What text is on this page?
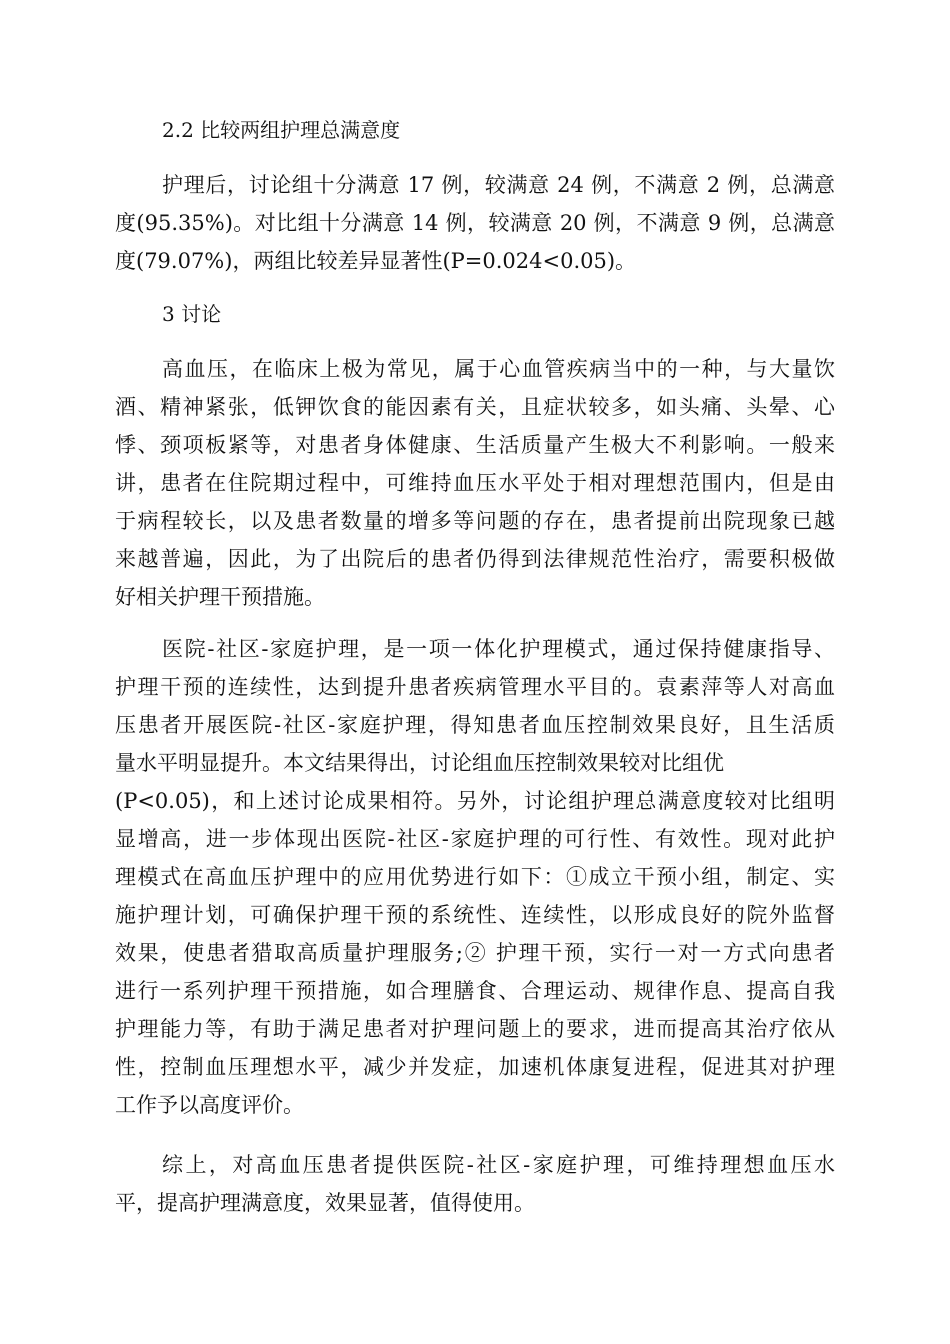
2.2 比较两组护理总满意度
护理后，讨论组十分满意 17 例，较满意 24 例，不满意 2 例，总满意
度(95.35%)。对比组十分满意 14 例，较满意 20 例，不满意 9 例，总满意
度(79.07%)，两组比较差异显著性(P=0.024<0.05)。
3 讨论
高血压，在临床上极为常见，属于心血管疾病当中的一种，与大量饮
酒、精神紧张，低钾饮食的能因素有关，且症状较多，如头痛、头晕、心
悸、颈项板紧等，对患者身体健康、生活质量产生极大不利影响。一般来
讲，患者在住院期过程中，可维持血压水平处于相对理想范围内，但是由
于病程较长，以及患者数量的增多等问题的存在，患者提前出院现象已越
来越普遍，因此，为了出院后的患者仍得到法律规范性治疗，需要积极做
好相关护理干预措施。
医院-社区-家庭护理，是一项一体化护理模式，通过保持健康指导、
护理干预的连续性，达到提升患者疾病管理水平目的。袁素萍等人对高血
压患者开展医院-社区-家庭护理，得知患者血压控制效果良好，且生活质
量水平明显提升。本文结果得出，讨论组血压控制效果较对比组优
(P<0.05)，和上述讨论成果相符。另外，讨论组护理总满意度较对比组明
显增高，进一步体现出医院-社区-家庭护理的可行性、有效性。现对此护
理模式在高血压护理中的应用优势进行如下：①成立干预小组，制定、实
施护理计划，可确保护理干预的系统性、连续性，以形成良好的院外监督
效果，使患者猎取高质量护理服务;② 护理干预，实行一对一方式向患者
进行一系列护理干预措施，如合理膳食、合理运动、规律作息、提高自我
护理能力等，有助于满足患者对护理问题上的要求，进而提高其治疗依从
性，控制血压理想水平，减少并发症，加速机体康复进程，促进其对护理
工作予以高度评价。
综上，对高血压患者提供医院-社区-家庭护理，可维持理想血压水
平，提高护理满意度，效果显著，值得使用。
